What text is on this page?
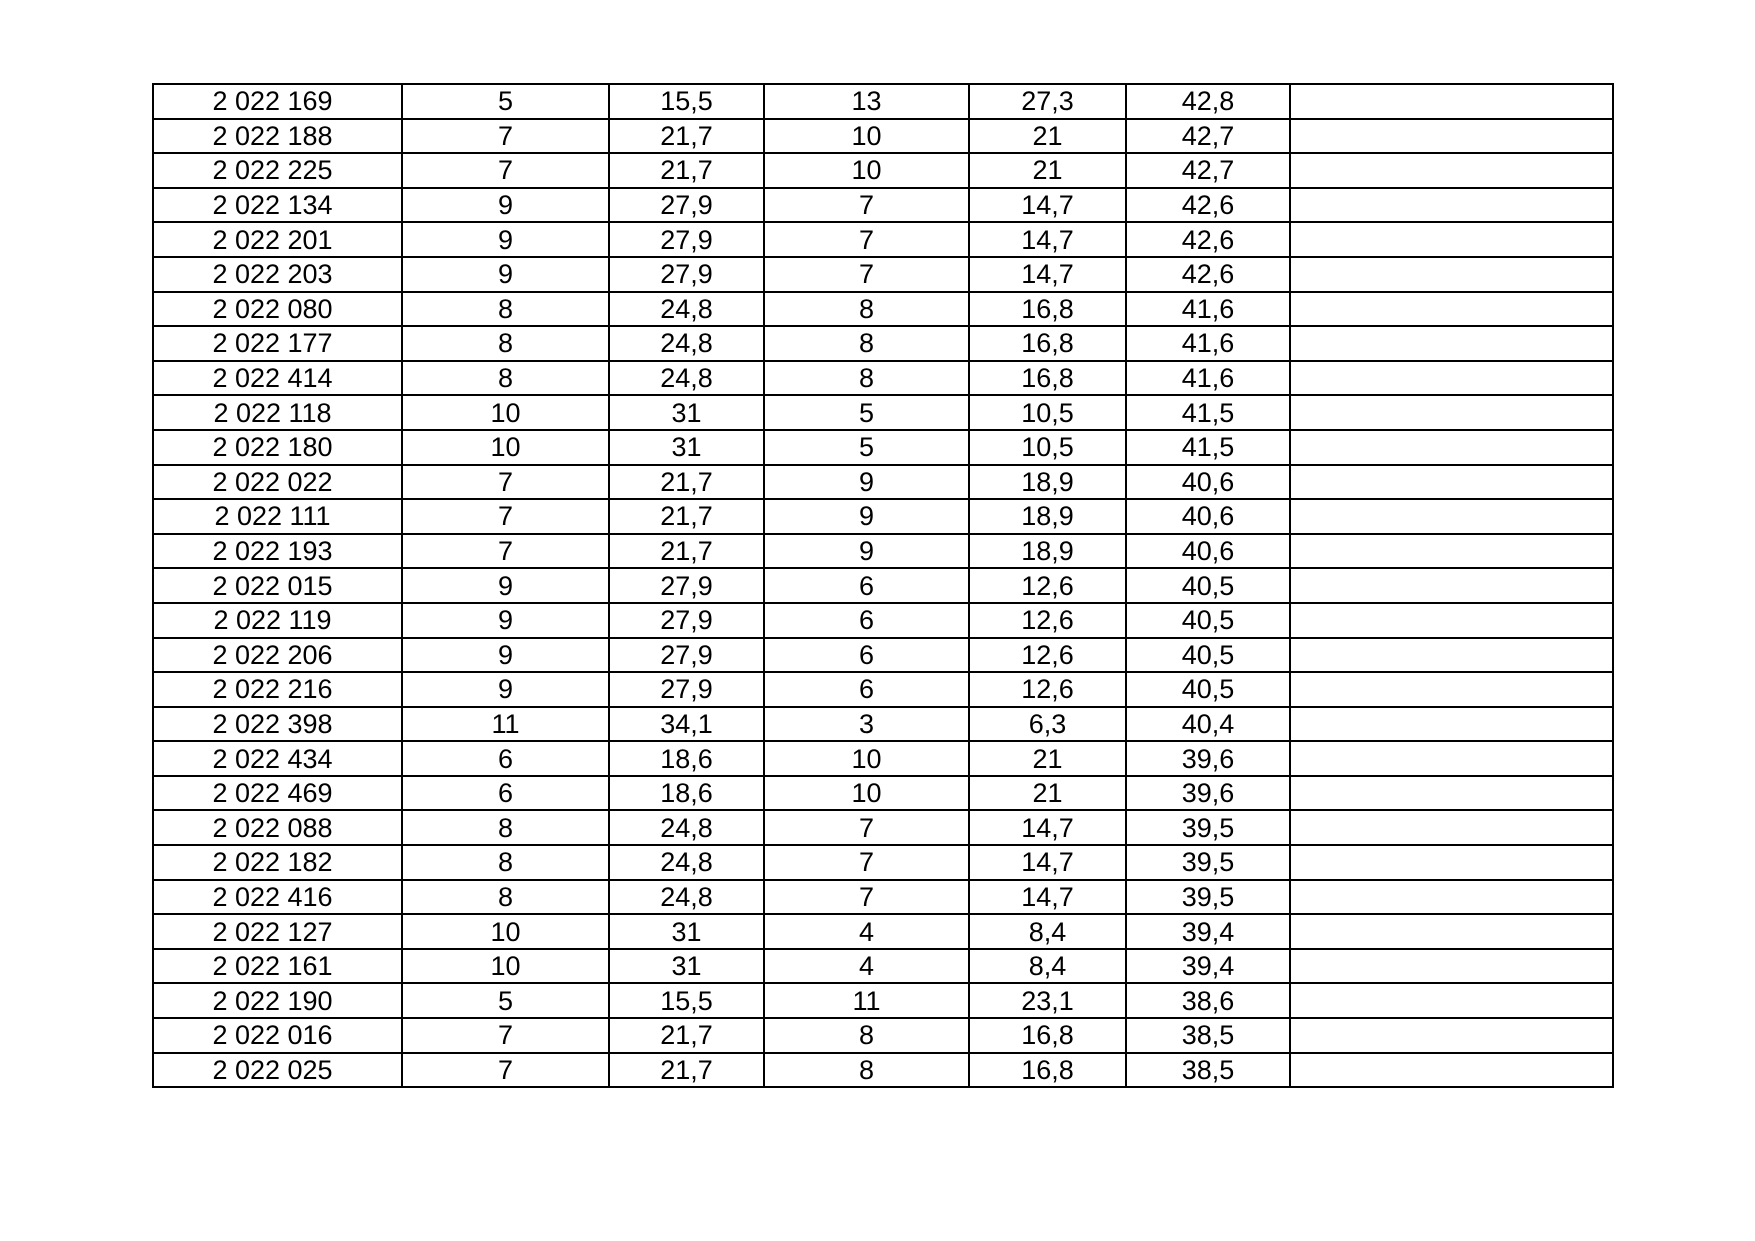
2 022 169	5	15,5	13	27,3	42,8	
2 022 188	7	21,7	10	21	42,7	
2 022 225	7	21,7	10	21	42,7	
2 022 134	9	27,9	7	14,7	42,6	
2 022 201	9	27,9	7	14,7	42,6	
2 022 203	9	27,9	7	14,7	42,6	
2 022 080	8	24,8	8	16,8	41,6	
2 022 177	8	24,8	8	16,8	41,6	
2 022 414	8	24,8	8	16,8	41,6	
2 022 118	10	31	5	10,5	41,5	
2 022 180	10	31	5	10,5	41,5	
2 022 022	7	21,7	9	18,9	40,6	
2 022 111	7	21,7	9	18,9	40,6	
2 022 193	7	21,7	9	18,9	40,6	
2 022 015	9	27,9	6	12,6	40,5	
2 022 119	9	27,9	6	12,6	40,5	
2 022 206	9	27,9	6	12,6	40,5	
2 022 216	9	27,9	6	12,6	40,5	
2 022 398	11	34,1	3	6,3	40,4	
2 022 434	6	18,6	10	21	39,6	
2 022 469	6	18,6	10	21	39,6	
2 022 088	8	24,8	7	14,7	39,5	
2 022 182	8	24,8	7	14,7	39,5	
2 022 416	8	24,8	7	14,7	39,5	
2 022 127	10	31	4	8,4	39,4	
2 022 161	10	31	4	8,4	39,4	
2 022 190	5	15,5	11	23,1	38,6	
2 022 016	7	21,7	8	16,8	38,5	
2 022 025	7	21,7	8	16,8	38,5	
